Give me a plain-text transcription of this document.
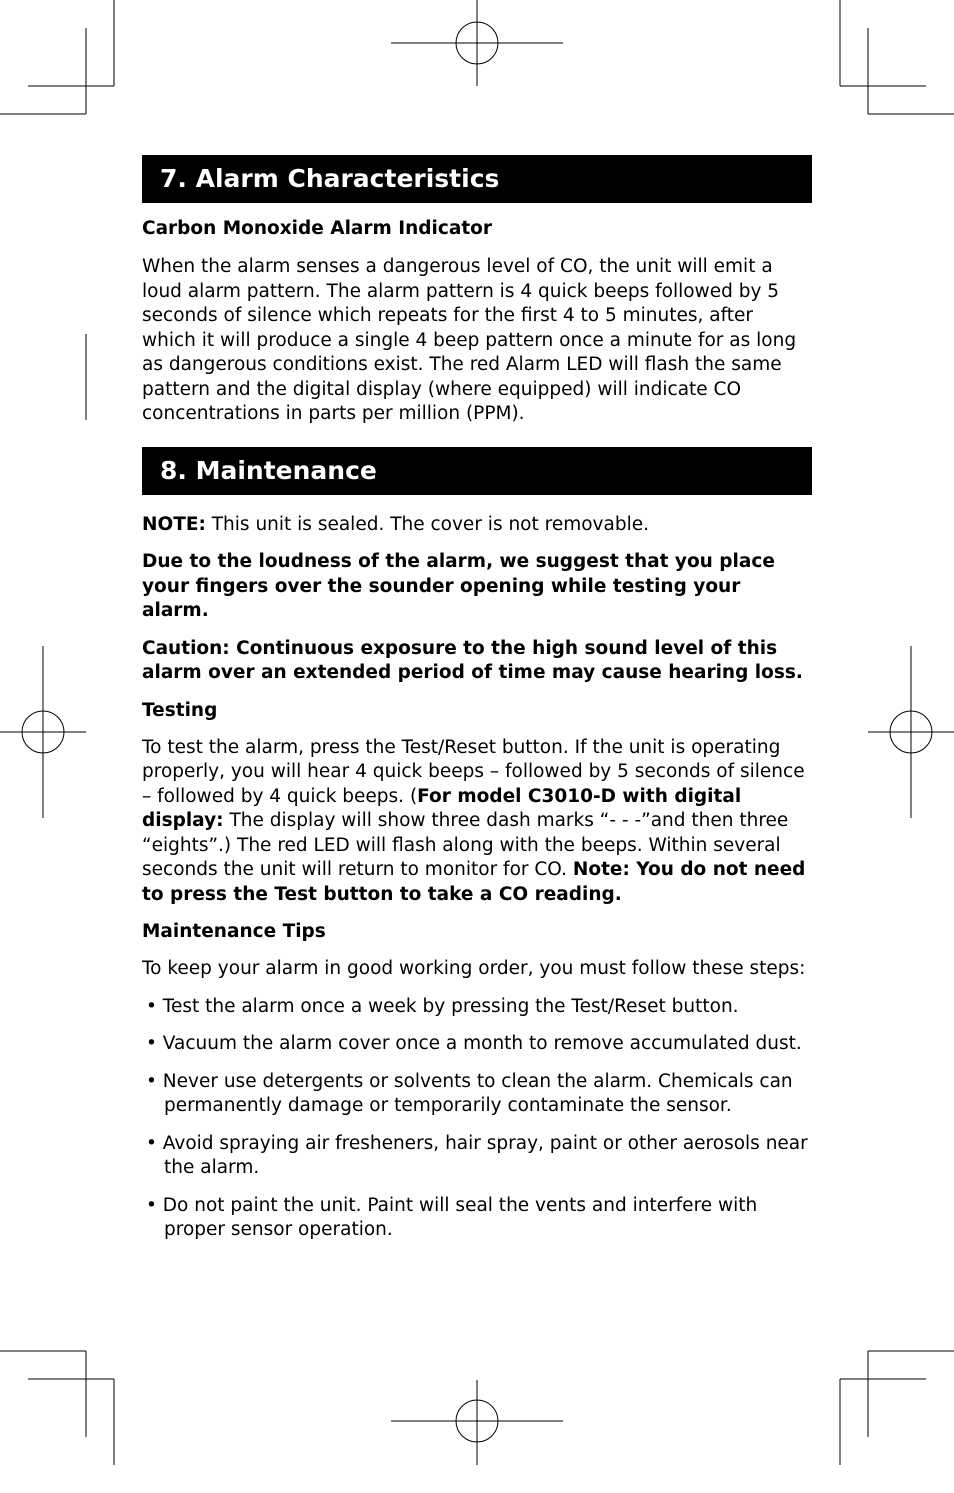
7. Alarm Characteristics
Carbon Monoxide Alarm Indicator

When the alarm senses a dangerous level of CO, the unit will emit a loud alarm pattern. The alarm pattern is 4 quick beeps followed by 5 seconds of silence which repeats for the first 4 to 5 minutes, after which it will produce a single 4 beep pattern once a minute for as long as dangerous conditions exist. The red Alarm LED will flash the same pattern and the digital display (where equipped) will indicate CO concentrations in parts per million (PPM).

8. Maintenance

NOTE: This unit is sealed. The cover is not removable.

Due to the loudness of the alarm, we suggest that you place your fingers over the sounder opening while testing your alarm.

Caution: Continuous exposure to the high sound level of this alarm over an extended period of time may cause hearing loss.

Testing

To test the alarm, press the Test/Reset button. If the unit is operating properly, you will hear 4 quick beeps – followed by 5 seconds of silence – followed by 4 quick beeps. (For model C3010-D with digital display: The display will show three dash marks “- - -”and then three “eights”.) The red LED will flash along with the beeps. Within several seconds the unit will return to monitor for CO. Note: You do not need to press the Test button to take a CO reading.

Maintenance Tips

To keep your alarm in good working order, you must follow these steps:

• Test the alarm once a week by pressing the Test/Reset button.

• Vacuum the alarm cover once a month to remove accumulated dust.

• Never use detergents or solvents to clean the alarm. Chemicals can permanently damage or temporarily contaminate the sensor.

• Avoid spraying air fresheners, hair spray, paint or other aerosols near the alarm.

• Do not paint the unit. Paint will seal the vents and interfere with proper sensor operation.
